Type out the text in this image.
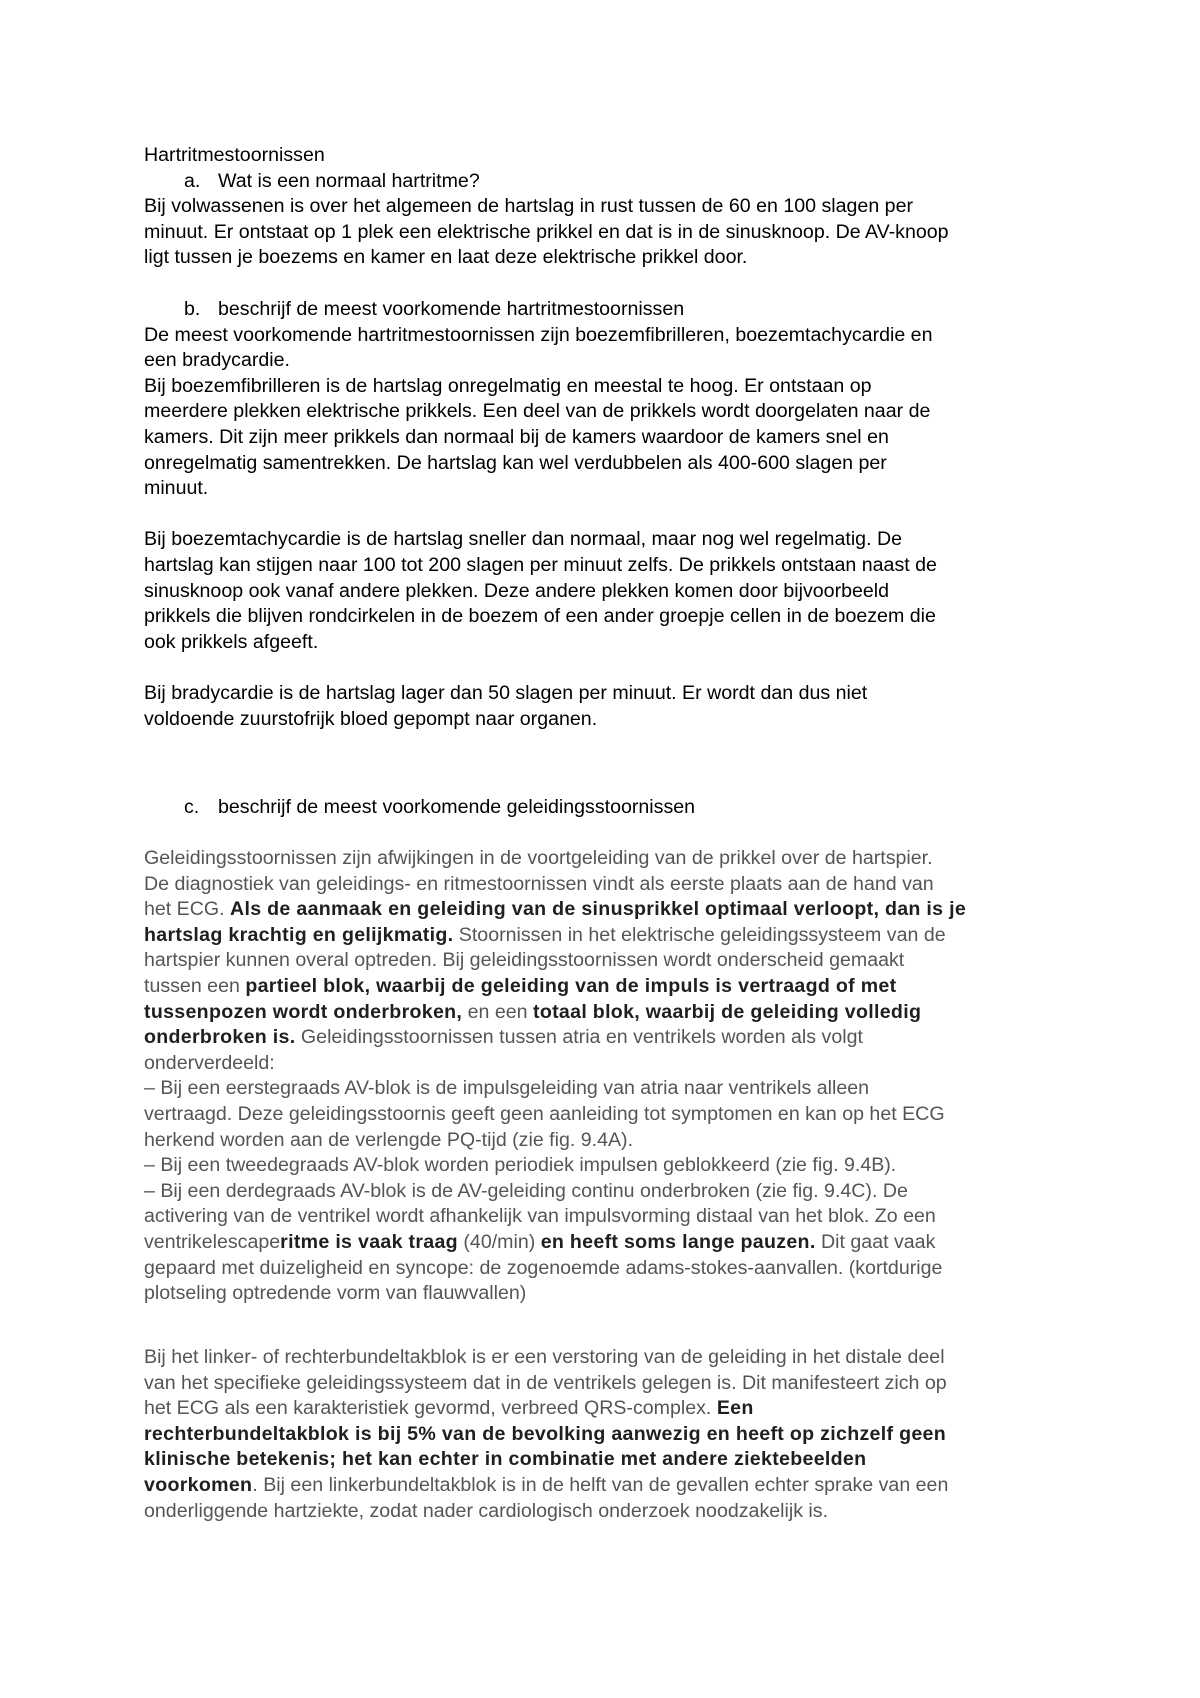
Hartritmestoornissen

a. Wat is een normaal hartritme?

Bij volwassenen is over het algemeen de hartslag in rust tussen de 60 en 100 slagen per

minuut. Er ontstaat op 1 plek een elektrische prikkel en dat is in de sinusknoop. De AV-knoop

ligt tussen je boezems en kamer en laat deze elektrische prikkel door.

b. beschrijf de meest voorkomende hartritmestoornissen

De meest voorkomende hartritmestoornissen zijn boezemfibrilleren, boezemtachycardie en

een bradycardie.

Bij boezemfibrilleren is de hartslag onregelmatig en meestal te hoog. Er ontstaan op

meerdere plekken elektrische prikkels. Een deel van de prikkels wordt doorgelaten naar de

kamers. Dit zijn meer prikkels dan normaal bij de kamers waardoor de kamers snel en

onregelmatig samentrekken. De hartslag kan wel verdubbelen als 400-600 slagen per

minuut.

Bij boezemtachycardie is de hartslag sneller dan normaal, maar nog wel regelmatig. De

hartslag kan stijgen naar 100 tot 200 slagen per minuut zelfs. De prikkels ontstaan naast de

sinusknoop ook vanaf andere plekken. Deze andere plekken komen door bijvoorbeeld

prikkels die blijven rondcirkelen in de boezem of een ander groepje cellen in de boezem die

ook prikkels afgeeft.

Bij bradycardie is de hartslag lager dan 50 slagen per minuut. Er wordt dan dus niet

voldoende zuurstofrijk bloed gepompt naar organen.

c. beschrijf de meest voorkomende geleidingsstoornissen

Geleidingsstoornissen zijn afwijkingen in de voortgeleiding van de prikkel over de hartspier.

De diagnostiek van geleidings- en ritmestoornissen vindt als eerste plaats aan de hand van

het ECG. Als de aanmaak en geleiding van de sinusprikkel optimaal verloopt, dan is je

hartslag krachtig en gelijkmatig. Stoornissen in het elektrische geleidingssysteem van de

hartspier kunnen overal optreden. Bij geleidingsstoornissen wordt onderscheid gemaakt

tussen een partieel blok, waarbij de geleiding van de impuls is vertraagd of met

tussenpozen wordt onderbroken, en een totaal blok, waarbij de geleiding volledig

onderbroken is. Geleidingsstoornissen tussen atria en ventrikels worden als volgt

onderverdeeld:

– Bij een eerstegraads AV-blok is de impulsgeleiding van atria naar ventrikels alleen

vertraagd. Deze geleidingsstoornis geeft geen aanleiding tot symptomen en kan op het ECG

herkend worden aan de verlengde PQ-tijd (zie fig. 9.4A).

– Bij een tweedegraads AV-blok worden periodiek impulsen geblokkeerd (zie fig. 9.4B).

– Bij een derdegraads AV-blok is de AV-geleiding continu onderbroken (zie fig. 9.4C). De

activering van de ventrikel wordt afhankelijk van impulsvorming distaal van het blok. Zo een

ventrikelescaperitme is vaak traag (40/min) en heeft soms lange pauzen. Dit gaat vaak

gepaard met duizeligheid en syncope: de zogenoemde adams-stokes-aanvallen. (kortdurige

plotseling optredende vorm van flauwvallen)

Bij het linker- of rechterbundeltakblok is er een verstoring van de geleiding in het distale deel

van het specifieke geleidingssysteem dat in de ventrikels gelegen is. Dit manifesteert zich op

het ECG als een karakteristiek gevormd, verbreed QRS-complex. Een

rechterbundeltakblok is bij 5% van de bevolking aanwezig en heeft op zichzelf geen

klinische betekenis; het kan echter in combinatie met andere ziektebeelden

voorkomen. Bij een linkerbundeltakblok is in de helft van de gevallen echter sprake van een

onderliggende hartziekte, zodat nader cardiologisch onderzoek noodzakelijk is.
